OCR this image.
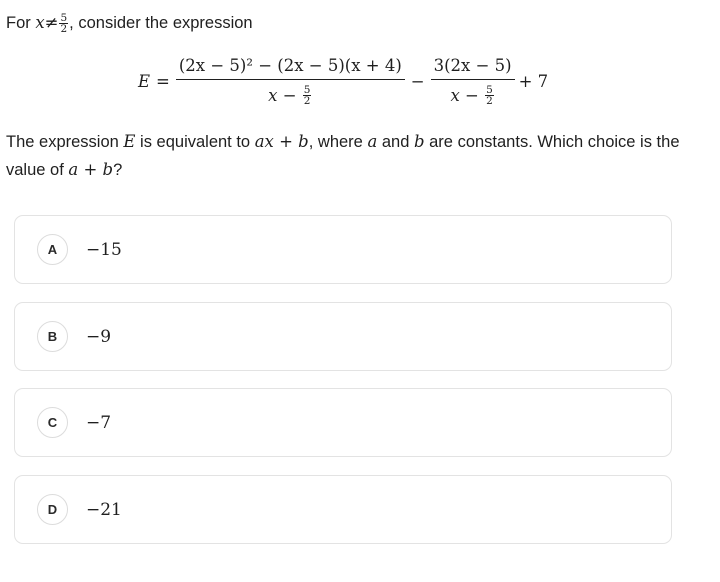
For
$x \ne \frac{5}{2}$ , consider the expression
E = (2x − 5)² − (2x − 5)(x + 4)
x
−
$\frac{5}{2} - 3(2x - 5)$
x
−
$\frac{5}{2} + 7$
The expression E is equivalent to ax + b, where a and b are constants. Which choice is the value of a + b?
A	−15
B	−9
C	−7
D	−21
